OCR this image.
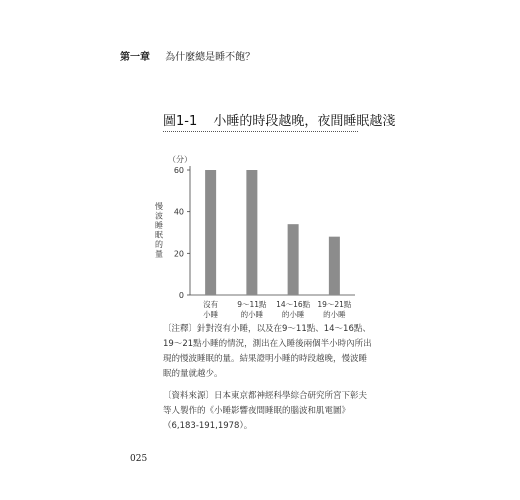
第一章 為什麼總是睡不飽？
圖1-1 小睡的時段越晚，夜間睡眠越淺
（分）
慢波睡眠的量
0
20
40
60
沒有小睡
9～11點的小睡
14～16點的小睡
19～21點的小睡
〔注釋〕針對沒有小睡，以及在9～11點、14～16點、19～21點小睡的情況，測出在入睡後兩個半小時內所出現的慢波睡眠的量。結果證明小睡的時段越晚，慢波睡眠的量就越少。
〔資料來源〕日本東京都神經科學綜合研究所宮下彰夫等人製作的《小睡影響夜間睡眠的腦波和肌電圖》（6,183-191,1978）。
025
